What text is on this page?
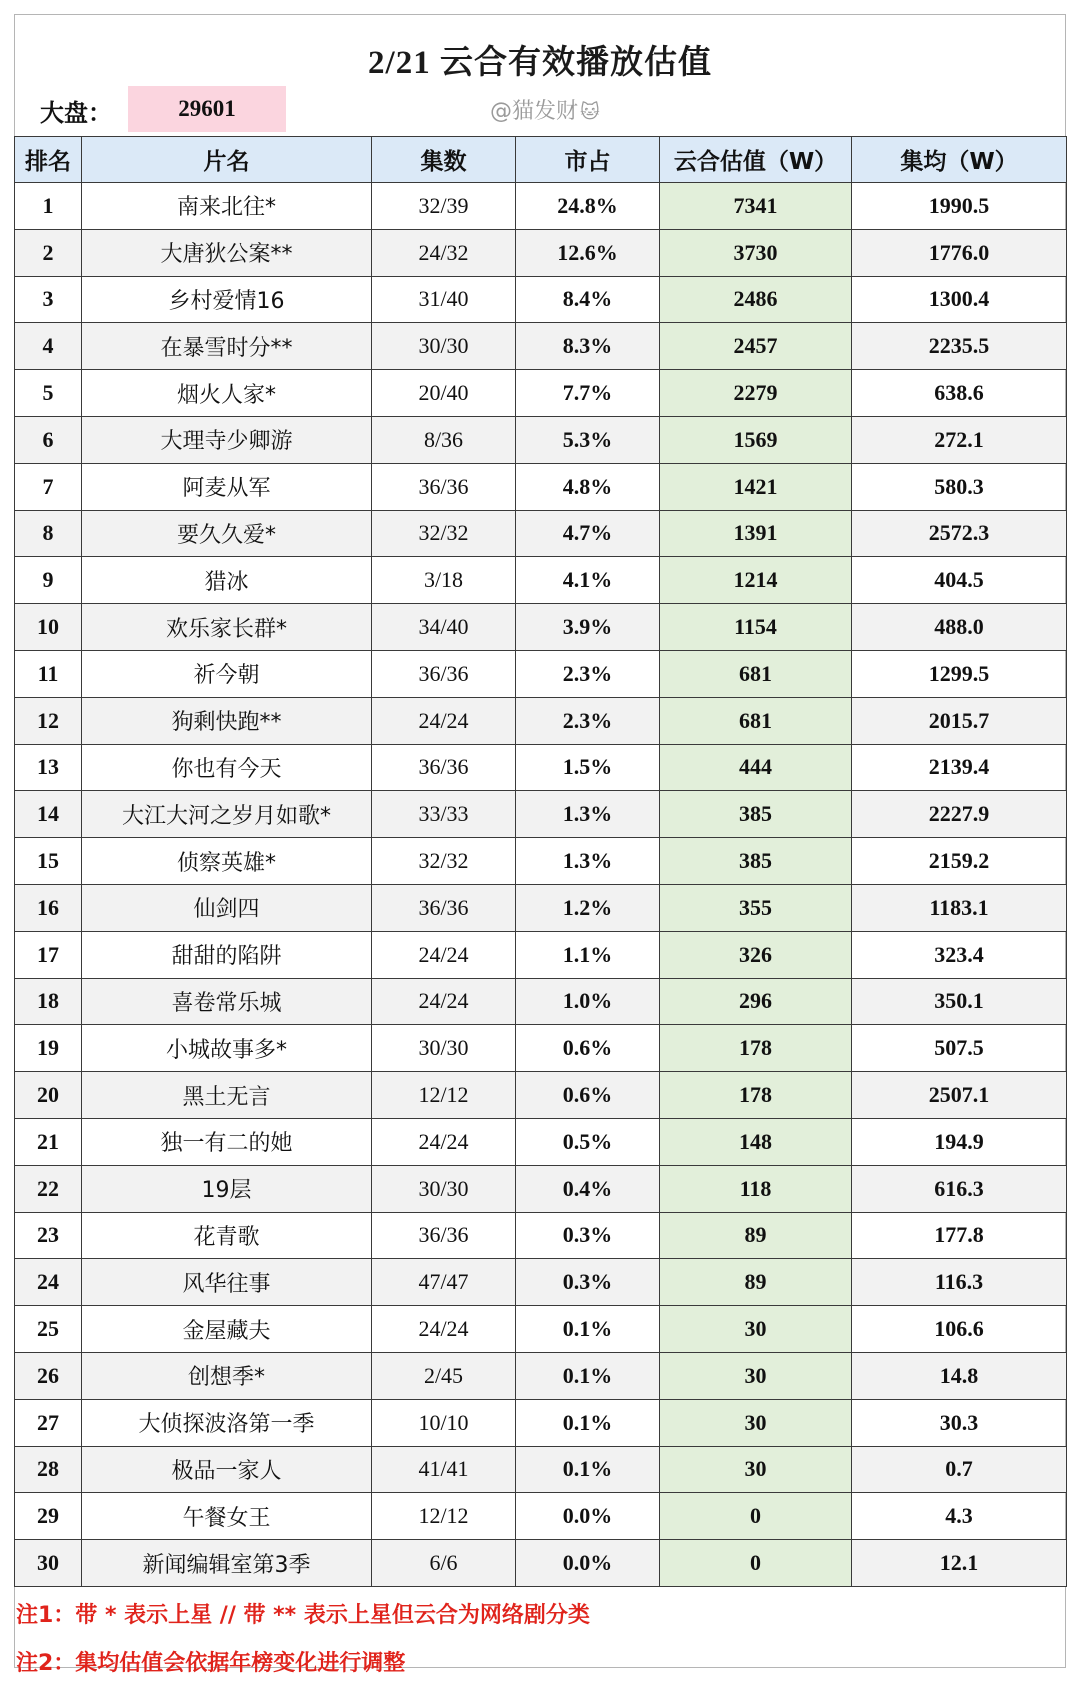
2/21 云合有效播放估值
大盘：	29601	@猫发财 🐱
排名	片名	集数	市占	云合估值（W）	集均（W）
1	南来北往*	32/39	24.8%	7341	1990.5
2	大唐狄公案**	24/32	12.6%	3730	1776.0
3	乡村爱情16	31/40	8.4%	2486	1300.4
4	在暴雪时分**	30/30	8.3%	2457	2235.5
5	烟火人家*	20/40	7.7%	2279	638.6
6	大理寺少卿游	8/36	5.3%	1569	272.1
7	阿麦从军	36/36	4.8%	1421	580.3
8	要久久爱*	32/32	4.7%	1391	2572.3
9	猎冰	3/18	4.1%	1214	404.5
10	欢乐家长群*	34/40	3.9%	1154	488.0
11	祈今朝	36/36	2.3%	681	1299.5
12	狗剩快跑**	24/24	2.3%	681	2015.7
13	你也有今天	36/36	1.5%	444	2139.4
14	大江大河之岁月如歌*	33/33	1.3%	385	2227.9
15	侦察英雄*	32/32	1.3%	385	2159.2
16	仙剑四	36/36	1.2%	355	1183.1
17	甜甜的陷阱	24/24	1.1%	326	323.4
18	喜卷常乐城	24/24	1.0%	296	350.1
19	小城故事多*	30/30	0.6%	178	507.5
20	黑土无言	12/12	0.6%	178	2507.1
21	独一有二的她	24/24	0.5%	148	194.9
22	19层	30/30	0.4%	118	616.3
23	花青歌	36/36	0.3%	89	177.8
24	风华往事	47/47	0.3%	89	116.3
25	金屋藏夫	24/24	0.1%	30	106.6
26	创想季*	2/45	0.1%	30	14.8
27	大侦探波洛第一季	10/10	0.1%	30	30.3
28	极品一家人	41/41	0.1%	30	0.7
29	午餐女王	12/12	0.0%	0	4.3
30	新闻编辑室第3季	6/6	0.0%	0	12.1
注1：带 * 表示上星 // 带 ** 表示上星但云合为网络剧分类
注2：集均估值会依据年榜变化进行调整
